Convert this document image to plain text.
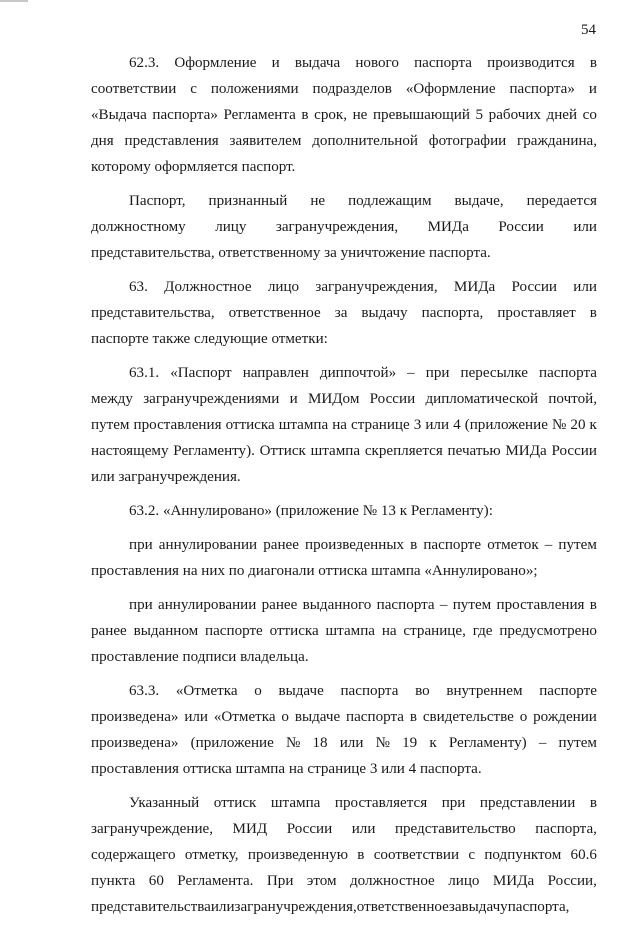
54
62.3. Оформление и выдача нового паспорта производится в
соответствии с положениями подразделов «Оформление паспорта» и
«Выдача паспорта» Регламента в срок, не превышающий 5 рабочих дней со
дня представления заявителем дополнительной фотографии гражданина,
которому оформляется паспорт.
Паспорт, признанный не подлежащим выдаче, передается
должностному лицу загранучреждения, МИДа России или
представительства, ответственному за уничтожение паспорта.
63. Должностное лицо загранучреждения, МИДа России или
представительства, ответственное за выдачу паспорта, проставляет в
паспорте также следующие отметки:
63.1. «Паспорт направлен диппочтой» – при пересылке паспорта
между загранучреждениями и МИДом России дипломатической почтой,
путем проставления оттиска штампа на странице 3 или 4 (приложение № 20 к
настоящему Регламенту). Оттиск штампа скрепляется печатью МИДа России
или загранучреждения.
63.2. «Аннулировано» (приложение № 13 к Регламенту):
при аннулировании ранее произведенных в паспорте отметок – путем
проставления на них по диагонали оттиска штампа «Аннулировано»;
при аннулировании ранее выданного паспорта – путем проставления в
ранее выданном паспорте оттиска штампа на странице, где предусмотрено
проставление подписи владельца.
63.3. «Отметка о выдаче паспорта во внутреннем паспорте
произведена» или «Отметка о выдаче паспорта в свидетельстве о рождении
произведена» (приложение № 18 или № 19 к Регламенту) – путем
проставления оттиска штампа на странице 3 или 4 паспорта.
Указанный оттиск штампа проставляется при представлении в
загранучреждение, МИД России или представительство паспорта,
содержащего отметку, произведенную в соответствии с подпунктом 60.6
пункта 60 Регламента. При этом должностное лицо МИДа России,
представительства или загранучреждения, ответственное за выдачу паспорта,
